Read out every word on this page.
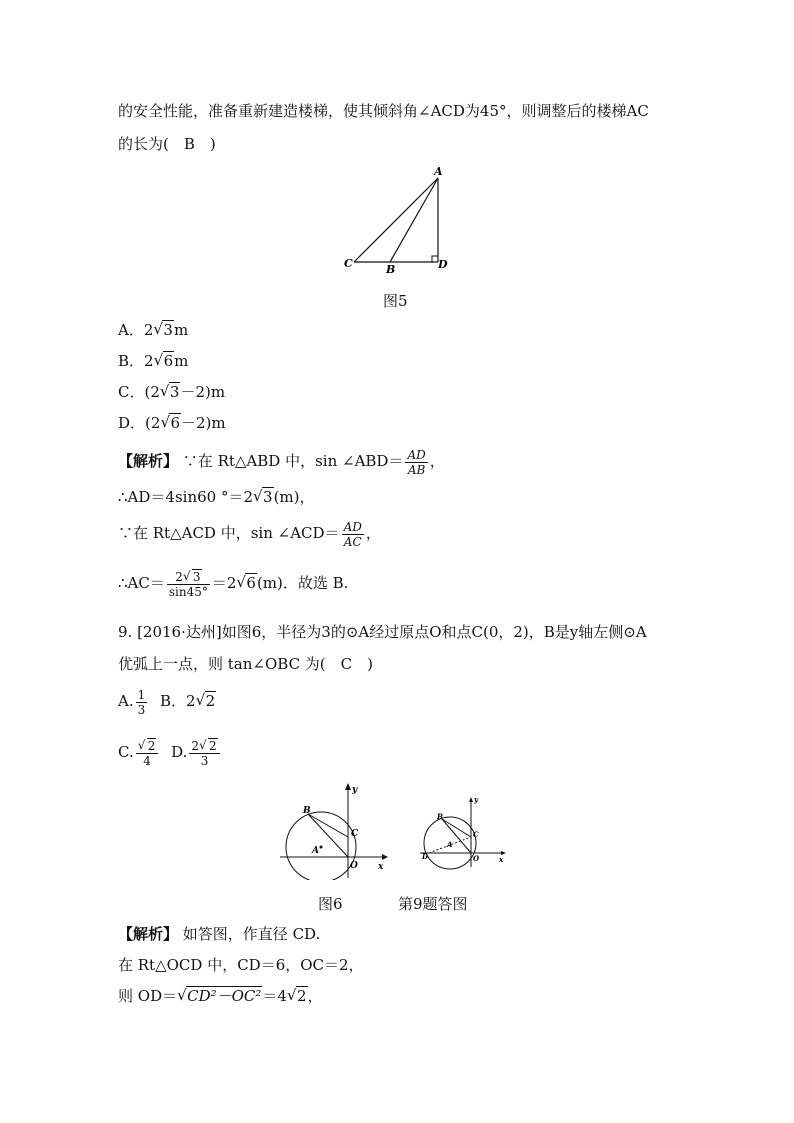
的安全性能，准备重新建造楼梯，使其倾斜角∠ACD为45°，则调整后的楼梯AC
的长为(　B　)
A
C	B	D
图5
A．2√ 3m
B．2√ 6m
C．(2√ 3－2)m
D．(2√ 6－2)m
【解析】 ∵在 Rt△ABD 中，sin ∠ABD＝ $\frac{AD}{AB}$ ，
∴AD＝4sin60 °＝2√ 3(m)，
∵在 Rt△ACD 中，sin ∠ACD＝ $\frac{AD}{AC}$ ，
∴AC＝ $\frac{2√ 3}{\sin 45^\circ} =2√$ 6(m)．故选 B.
9. [2016·达州]如图6，半径为3的⊙A经过原点O和点C(0，2)，B是y轴左侧⊙A
优弧上一点，则 tan∠OBC 为(　C　)
A. $\frac{1}{3}$ B．2√ 2
C.
√ $\frac{2}{4} D$. $\frac{2√ 2}{3}$
y
x
B
C
A
O
y
x
B
C
A
D	O
图6	第9题答图
【解析】 如答图，作直径 CD.
在 Rt△OCD 中，CD＝6，OC＝2，
则 OD＝√ CD²－OC²＝4√ 2，
